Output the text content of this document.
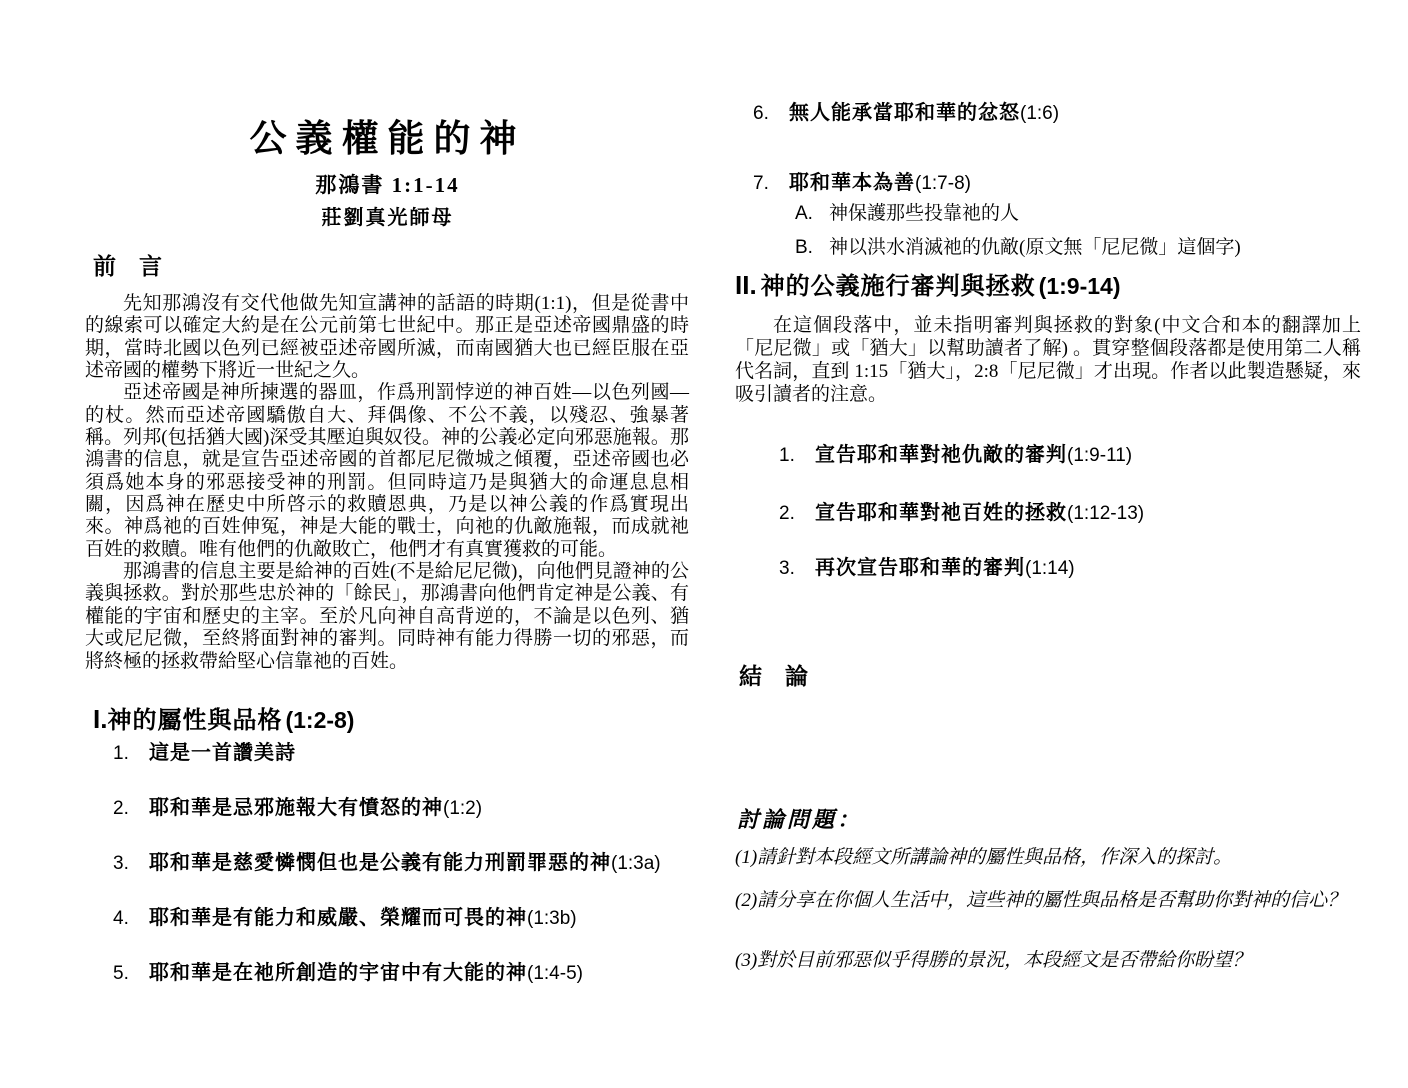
公義權能的神
那鴻書 1:1-14
莊劉真光師母
前　言

先知那鴻沒有交代他做先知宣講神的話語的時期(1:1)，但是從書中的線索可以確定大約是在公元前第七世紀中。那正是亞述帝國鼎盛的時期，當時北國以色列已經被亞述帝國所滅，而南國猶大也已經臣服在亞述帝國的權勢下將近一世紀之久。

亞述帝國是神所揀選的器皿，作爲刑罰悖逆的神百姓—以色列國—的杖。然而亞述帝國驕傲自大、拜偶像、不公不義，以殘忍、強暴著稱。列邦(包括猶大國)深受其壓迫與奴役。神的公義必定向邪惡施報。那鴻書的信息，就是宣告亞述帝國的首都尼尼微城之傾覆，亞述帝國也必須爲她本身的邪惡接受神的刑罰。但同時這乃是與猶大的命運息息相關，因爲神在歷史中所啓示的救贖恩典，乃是以神公義的作爲實現出來。神爲祂的百姓伸冤，神是大能的戰士，向祂的仇敵施報，而成就祂百姓的救贖。唯有他們的仇敵敗亡，他們才有真實獲救的可能。

那鴻書的信息主要是給神的百姓(不是給尼尼微)，向他們見證神的公義與拯救。對於那些忠於神的「餘民」，那鴻書向他們肯定神是公義、有權能的宇宙和歷史的主宰。至於凡向神自高背逆的，不論是以色列、猶大或尼尼微，至終將面對神的審判。同時神有能力得勝一切的邪惡，而將終極的拯救帶給堅心信靠祂的百姓。

I.神的屬性與品格 (1:2-8)
1. 這是一首讚美詩
2. 耶和華是忌邪施報大有憤怒的神(1:2)
3. 耶和華是慈愛憐憫但也是公義有能力刑罰罪惡的神(1:3a)
4. 耶和華是有能力和威嚴、榮耀而可畏的神(1:3b)
5. 耶和華是在祂所創造的宇宙中有大能的神(1:4-5)
6. 無人能承當耶和華的忿怒(1:6)
7. 耶和華本為善(1:7-8)
A. 神保護那些投靠祂的人
B. 神以洪水消滅祂的仇敵(原文無「尼尼微」這個字)
II. 神的公義施行審判與拯救 (1:9-14)

在這個段落中，並未指明審判與拯救的對象(中文合和本的翻譯加上「尼尼微」或「猶大」以幫助讀者了解) 。貫穿整個段落都是使用第二人稱代名詞，直到 1:15「猶大」，2:8「尼尼微」才出現。作者以此製造懸疑，來吸引讀者的注意。

1. 宣告耶和華對祂仇敵的審判(1:9-11)
2. 宣告耶和華對祂百姓的拯救(1:12-13)
3. 再次宣告耶和華的審判(1:14)
結　論
討論問題：
(1)請針對本段經文所講論神的屬性與品格，作深入的探討。
(2)請分享在你個人生活中，這些神的屬性與品格是否幫助你對神的信心？
(3)對於目前邪惡似乎得勝的景況，本段經文是否帶給你盼望？
